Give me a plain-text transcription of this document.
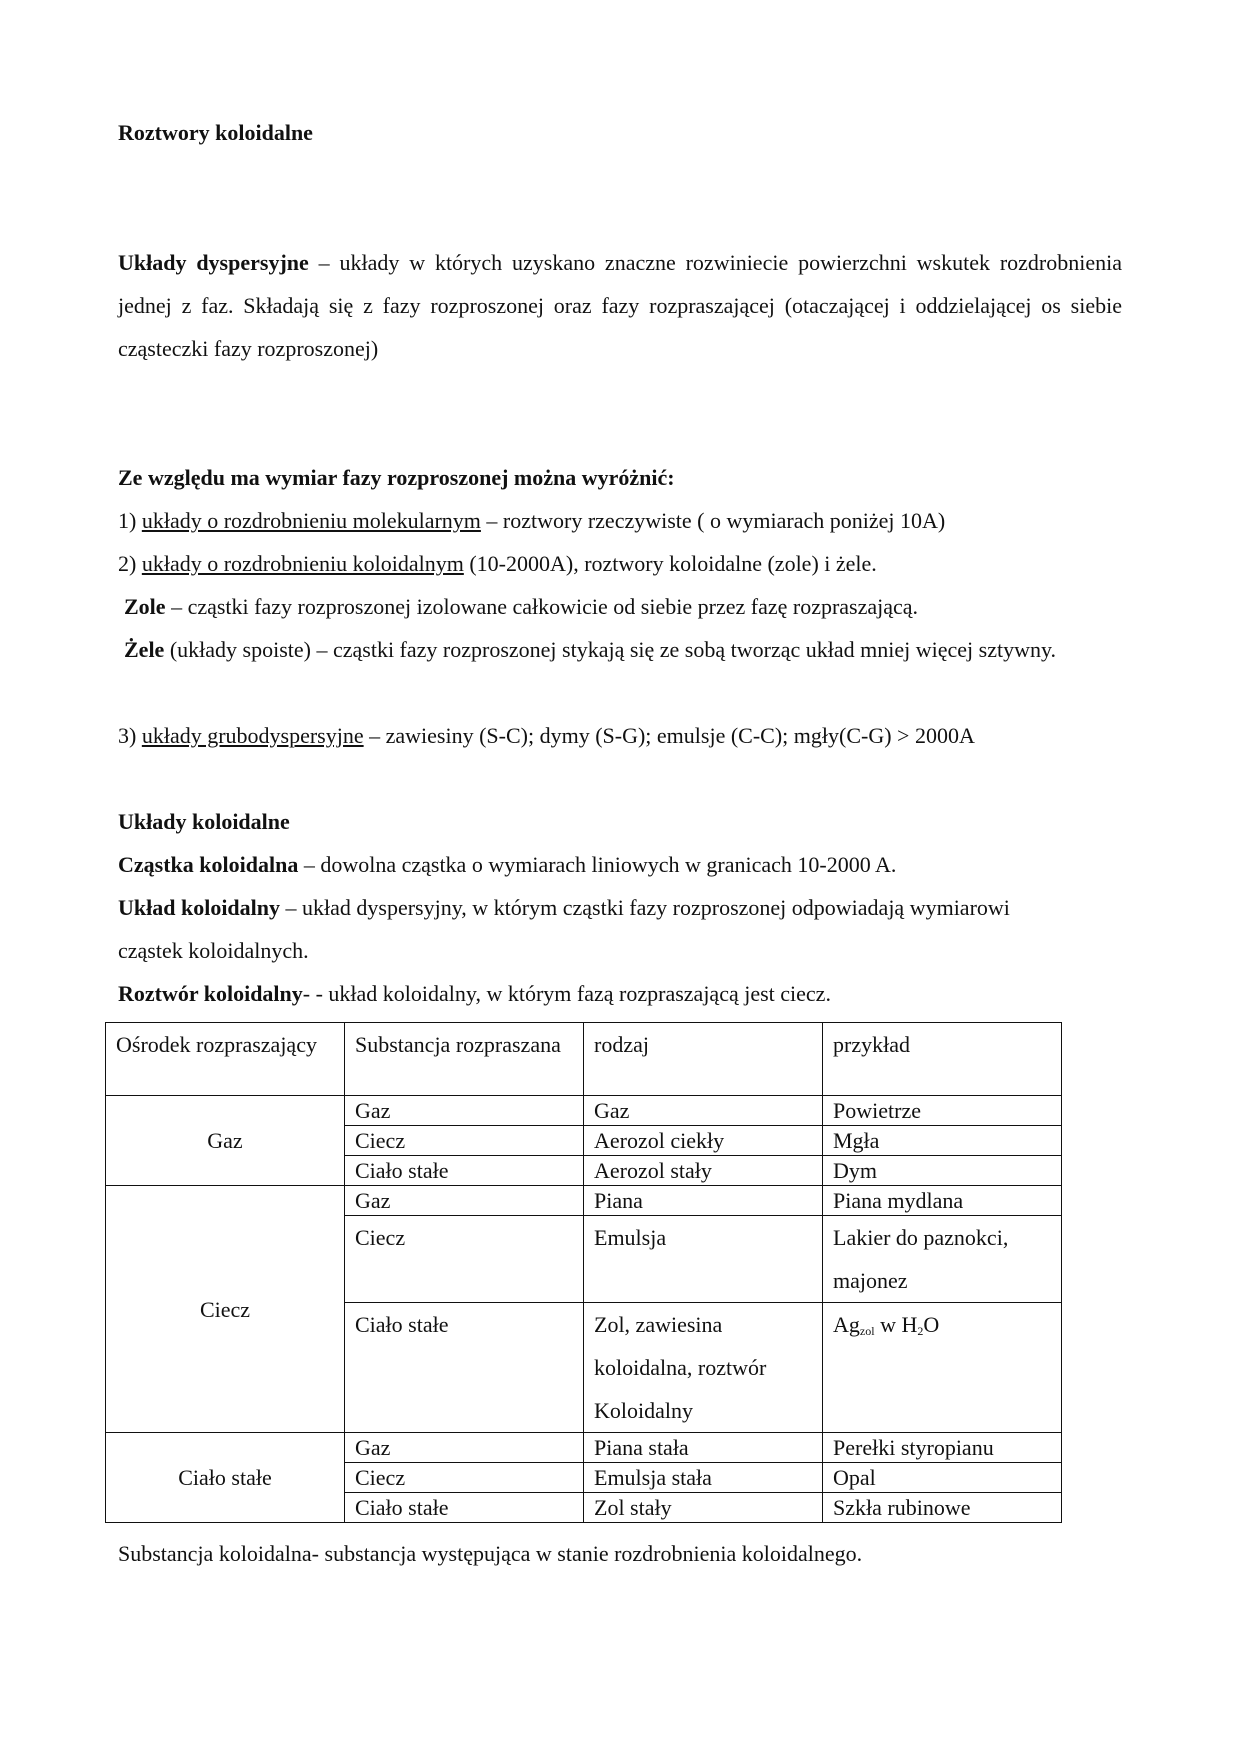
Roztwory koloidalne
Układy dyspersyjne – układy w których uzyskano znaczne rozwiniecie powierzchni wskutek rozdrobnienia jednej z faz. Składają się z fazy rozproszonej oraz fazy rozpraszającej (otaczającej i oddzielającej os siebie cząsteczki fazy rozproszonej)
Ze względu ma wymiar fazy rozproszonej można wyróżnić:
1) układy o rozdrobnieniu molekularnym – roztwory rzeczywiste ( o wymiarach poniżej 10A)
2) układy o rozdrobnieniu koloidalnym (10-2000A), roztwory koloidalne (zole) i żele.
Zole – cząstki fazy rozproszonej izolowane całkowicie od siebie przez fazę rozpraszającą.
Żele (układy spoiste) – cząstki fazy rozproszonej stykają się ze sobą tworząc układ mniej więcej sztywny.
3) układy grubodyspersyjne – zawiesiny (S-C); dymy (S-G); emulsje (C-C); mgły(C-G) > 2000A
Układy koloidalne
Cząstka koloidalna – dowolna cząstka o wymiarach liniowych w granicach 10-2000 A.
Układ koloidalny – układ dyspersyjny, w którym cząstki fazy rozproszonej odpowiadają wymiarowi cząstek koloidalnych.
Roztwór koloidalny- - układ koloidalny, w którym fazą rozpraszającą jest ciecz.
Ośrodek rozpraszający	Substancja rozpraszana	rodzaj	przykład
Gaz	Gaz	Gaz	Powietrze
	Ciecz	Aerozol ciekły	Mgła
	Ciało stałe	Aerozol stały	Dym
Ciecz	Gaz	Piana	Piana mydlana
	Ciecz	Emulsja	Lakier do paznokci, majonez
	Ciało stałe	Zol, zawiesina koloidalna, roztwór Koloidalny	$Ag_{zol}$ w $H_2O$
Ciało stałe	Gaz	Piana stała	Perełki styropianu
	Ciecz	Emulsja stała	Opal
	Ciało stałe	Zol stały	Szkła rubinowe
Substancja koloidalna- substancja występująca w stanie rozdrobnienia koloidalnego.
